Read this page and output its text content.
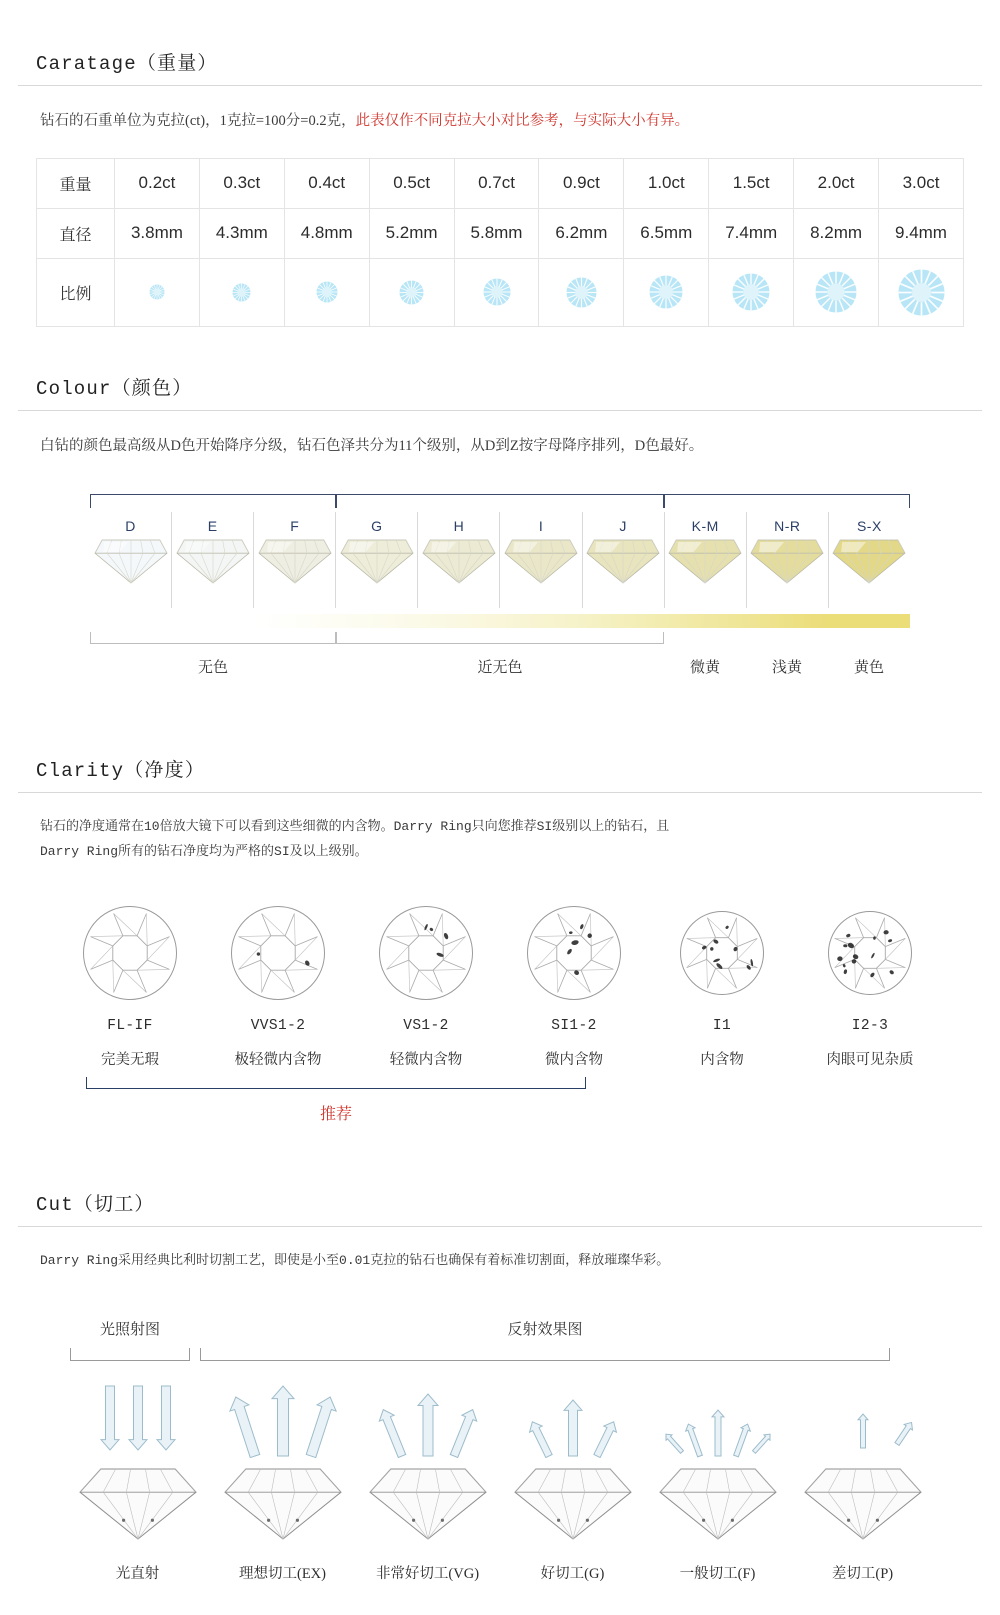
Caratage（重量）
钻石的石重单位为克拉(ct)，1克拉=100分=0.2克，此表仅作不同克拉大小对比参考，与实际大小有异。
重量	0.2ct	0.3ct	0.4ct	0.5ct	0.7ct	0.9ct	1.0ct	1.5ct	2.0ct	3.0ct
直径	3.8mm	4.3mm	4.8mm	5.2mm	5.8mm	6.2mm	6.5mm	7.4mm	8.2mm	9.4mm
比例	

Colour（颜色）
白钻的颜色最高级从D色开始降序分级，钻石色泽共分为11个级别，从D到Z按字母降序排列，D色最好。
D	E	F	G	H	I	J	K-M	N-R	S-X
无色	近无色	微黄	浅黄	黄色
Clarity（净度）
钻石的净度通常在10倍放大镜下可以看到这些细微的内含物。Darry Ring只向您推荐SI级别以上的钻石，且
Darry Ring所有的钻石净度均为严格的SI及以上级别。
FL-IF
完美无瑕
VVS1-2
极轻微内含物
VS1-2
轻微内含物
SI1-2
微内含物
I1
内含物
I2-3
肉眼可见杂质
推荐
Cut（切工）
Darry Ring采用经典比利时切割工艺，即使是小至0.01克拉的钻石也确保有着标准切割面，释放璀璨华彩。
光照射图	反射效果图
光直射	理想切工(EX)	非常好切工(VG)	好切工(G)	一般切工(F)	差切工(P)
